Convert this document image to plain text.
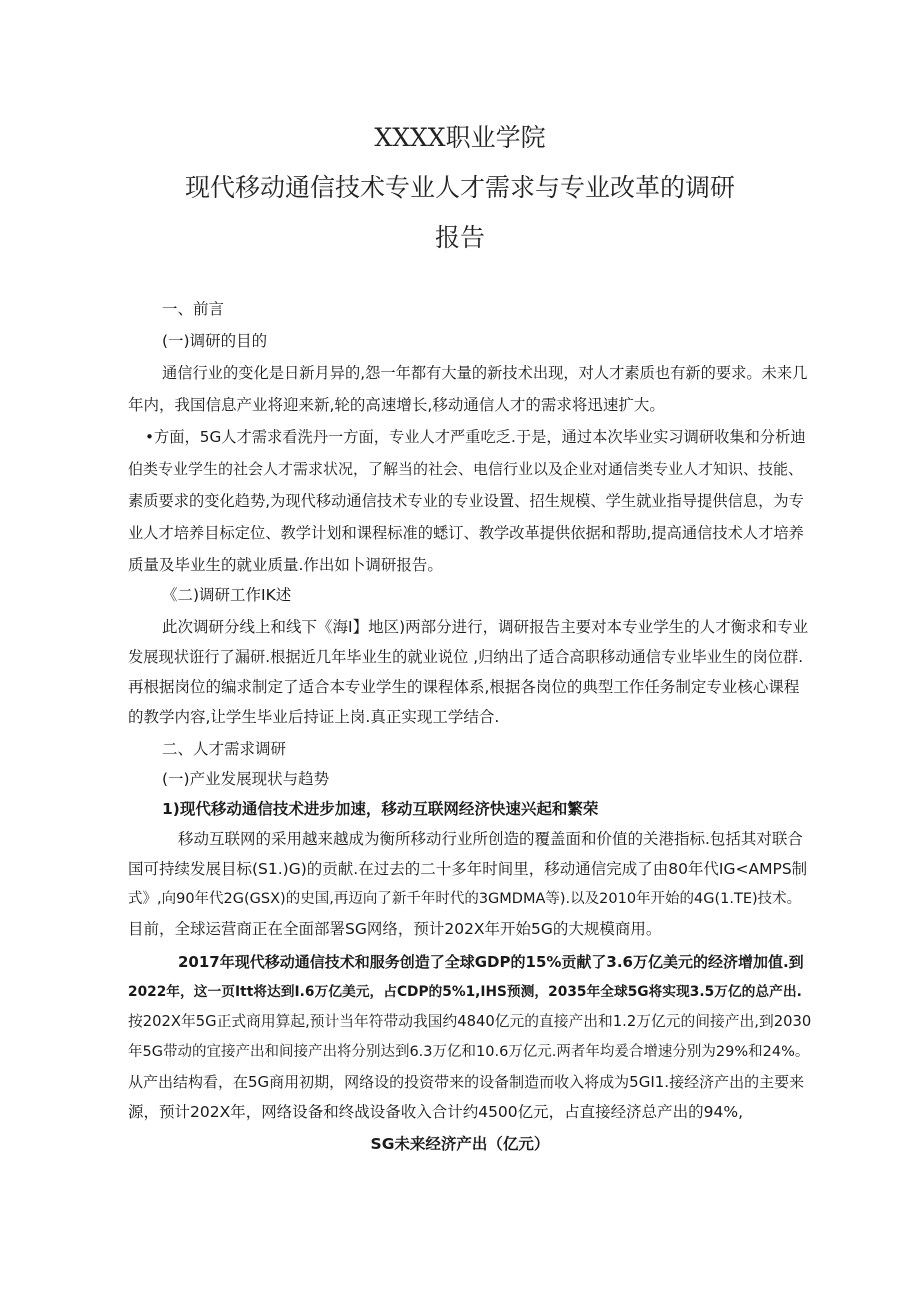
XXXX职业学院
现代移动通信技术专业人才需求与专业改革的调研
报告
一、前言
(一)调研的目的
通信行业的变化是日新月异的,怨一年都有大量的新技术出现，对人才素质也有新的要求。未来几
年内，我国信息产业将迎来新,轮的高速增长,移动通信人才的需求将迅速扩大。
•方面，5G人才需求看洗丹一方面，专业人才严重吃乏.于是，通过本次毕业实习调研收集和分析迪
伯类专业学生的社会人才需求状况，了解当的社会、电信行业以及企业对通信类专业人才知识、技能、
素质要求的变化趋势,为现代移动通信技术专业的专业设置、招生规模、学生就业指导提供信息，为专
业人才培养目标定位、教学计划和课程标准的蟋订、教学改革提供依据和帮助,提高通信技术人才培养
质量及毕业生的就业质量.作出如卜调研报告。
《二)调研工作IK述
此次调研分线上和线下《海I】地区)两部分进行，调研报告主要对本专业学生的人才衡求和专业
发展现状诳行了漏研.根据近几年毕业生的就业说位 ,归纳出了适合高职移动通信专业毕业生的岗位群.
再根据岗位的编求制定了适合本专业学生的课程体系,根据各岗位的典型工作任务制定专业核心课程
的教学内容,让学生毕业后持证上岗.真正实现工学结合.
二、人才需求调研
(一)产业发展现状与趋势
1)现代移动通信技术进步加速，移动互联网经济快速兴起和繁荣
移动互联网的采用越来越成为衡所移动行业所创造的覆盖面和价值的关港指标.包括其对联合
国可持续发展目标(S1.)G)的贡献.在过去的二十多年时间里，移动通信完成了由80年代IG<AMPS制
式》,向90年代2G(GSX)的史国,再迈向了新千年时代的3GMDMA等).以及2010年开始的4G(1.TE)技术。
目前，全球运营商正在全面部署SG网络，预计202X年开始5G的大规模商用。
2017年现代移动通信技术和服务创造了全球GDP的15%贡献了3.6万亿美元的经济增加值.到
2022年，这一页Itt将达到I.6万亿美元，占CDP的5%1,IHS预测，2035年全球5G将实现3.5万亿的总产出.
按202X年5G正式商用算起,预计当年符带动我国约4840亿元的直接产出和1.2万亿元的间接产出,到2030
年5G带动的宜接产出和间接产出将分别达到6.3万亿和10.6万亿元.两者年均爰合增速分别为29%和24%。
从产出结构看，在5G商用初期，网络设的投资带来的设备制造而收入将成为5GI1.接经济产出的主要来
源，预计202X年，网络设备和终战设备收入合计约4500亿元，占直接经济总产出的94%,
SG未来经济产出（亿元）
